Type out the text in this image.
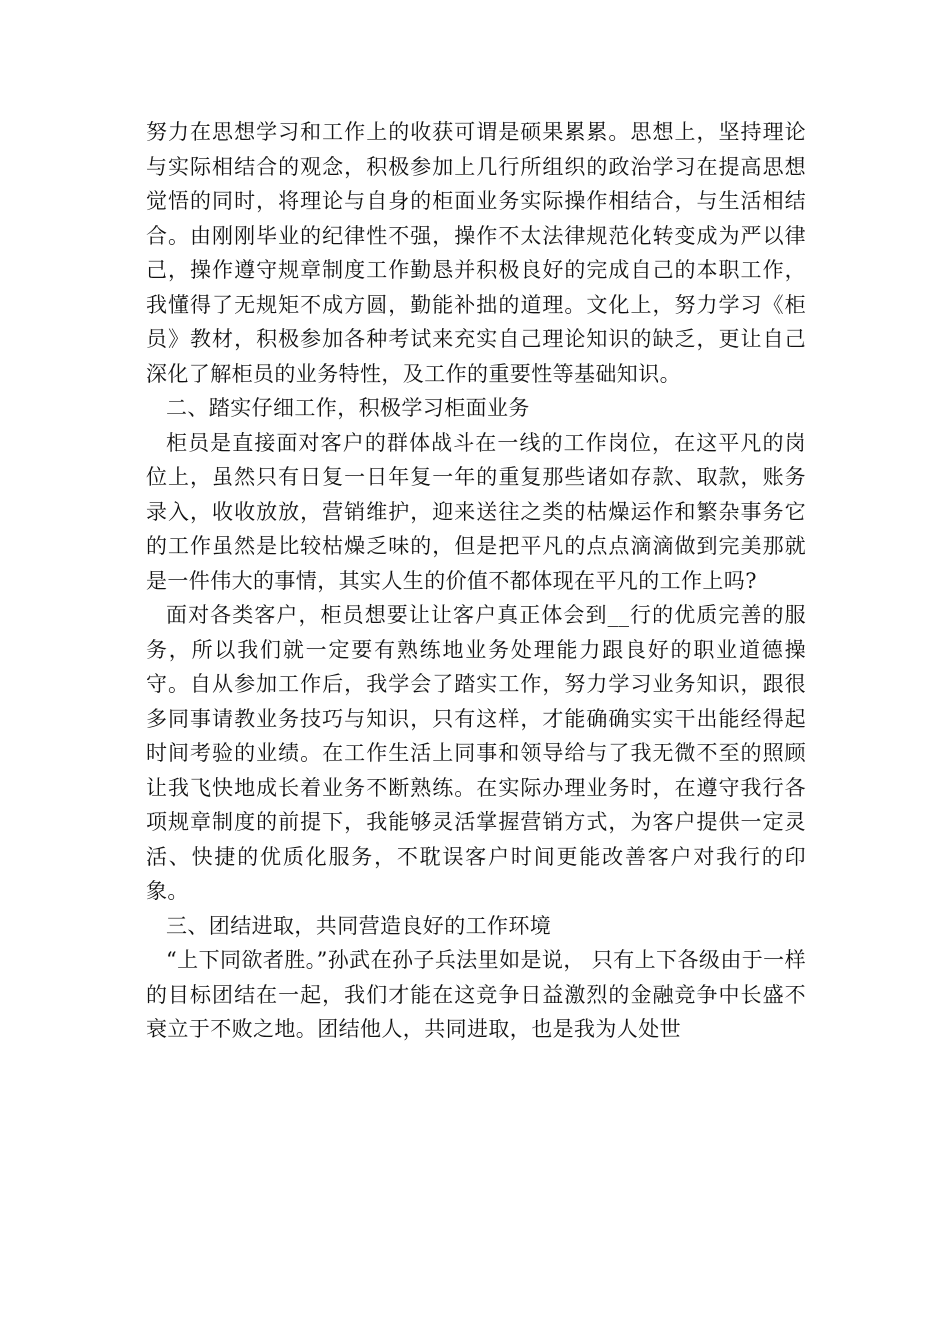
努力在思想学习和工作上的收获可谓是硕果累累。思想上，坚持理论与实际相结合的观念，积极参加上几行所组织的政治学习在提高思想觉悟的同时，将理论与自身的柜面业务实际操作相结合，与生活相结合。由刚刚毕业的纪律性不强，操作不太法律规范化转变成为严以律己，操作遵守规章制度工作勤恳并积极良好的完成自己的本职工作，我懂得了无规矩不成方圆，勤能补拙的道理。文化上，努力学习《柜员》教材，积极参加各种考试来充实自己理论知识的缺乏，更让自己深化了解柜员的业务特性，及工作的重要性等基础知识。

二、踏实仔细工作，积极学习柜面业务

柜员是直接面对客户的群体战斗在一线的工作岗位，在这平凡的岗位上，虽然只有日复一日年复一年的重复那些诸如存款、取款，账务录入，收收放放，营销维护，迎来送往之类的枯燥运作和繁杂事务它的工作虽然是比较枯燥乏味的，但是把平凡的点点滴滴做到完美那就是一件伟大的事情，其实人生的价值不都体现在平凡的工作上吗?

面对各类客户，柜员想要让让客户真正体会到__行的优质完善的服务，所以我们就一定要有熟练地业务处理能力跟良好的职业道德操守。自从参加工作后，我学会了踏实工作，努力学习业务知识，跟很多同事请教业务技巧与知识，只有这样，才能确确实实干出能经得起时间考验的业绩。在工作生活上同事和领导给与了我无微不至的照顾让我飞快地成长着业务不断熟练。在实际办理业务时，在遵守我行各项规章制度的前提下，我能够灵活掌握营销方式，为客户提供一定灵活、快捷的优质化服务，不耽误客户时间更能改善客户对我行的印象。

三、团结进取，共同营造良好的工作环境

“上下同欲者胜。”孙武在孙子兵法里如是说， 只有上下各级由于一样的目标团结在一起，我们才能在这竞争日益激烈的金融竞争中长盛不衰立于不败之地。团结他人，共同进取，也是我为人处世
